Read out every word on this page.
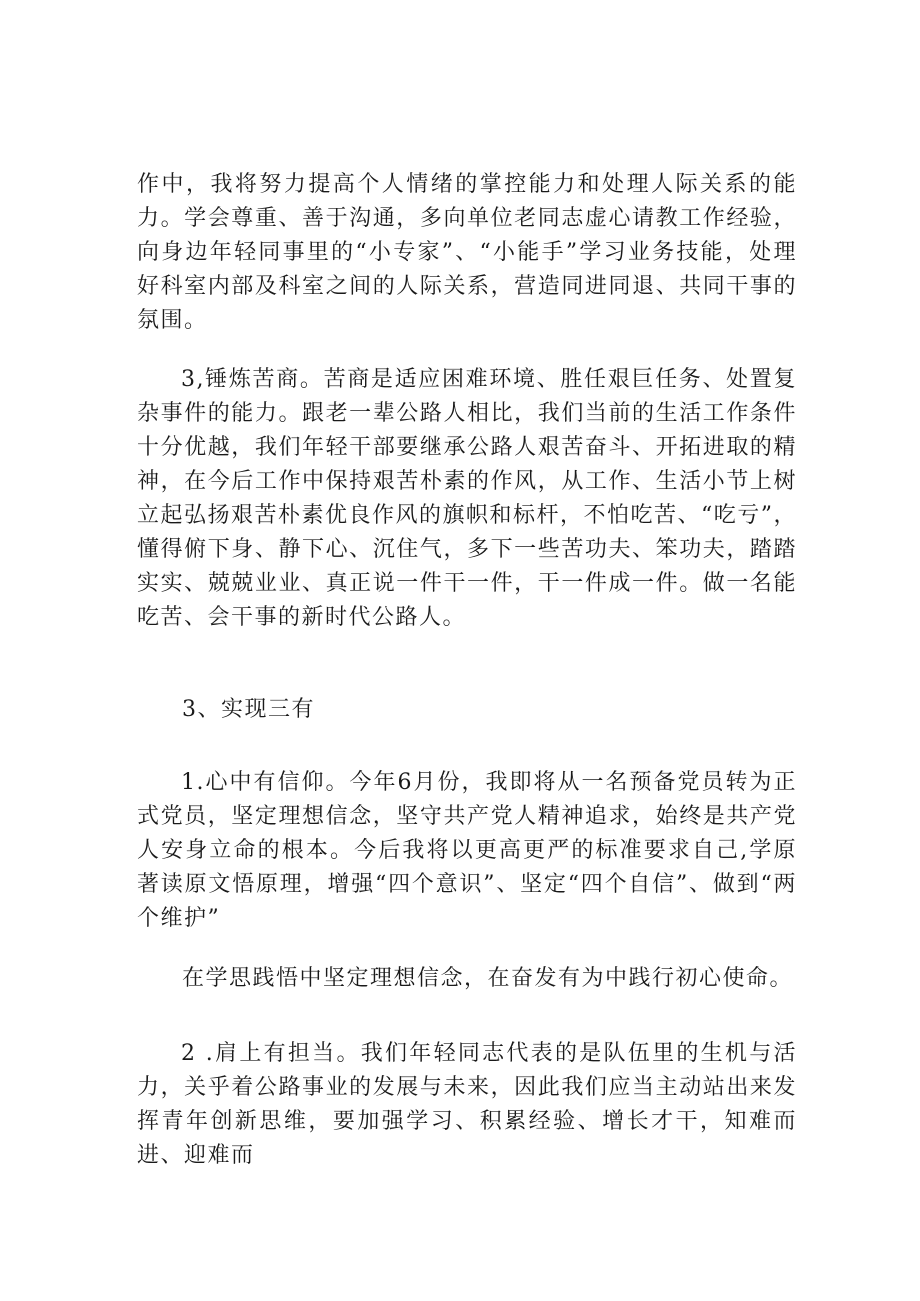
作中，我将努力提高个人情绪的掌控能力和处理人际关系的能力。学会尊重、善于沟通，多向单位老同志虚心请教工作经验，向身边年轻同事里的“小专家”、“小能手”学习业务技能，处理好科室内部及科室之间的人际关系，营造同进同退、共同干事的氛围。

3,锤炼苦商。苦商是适应困难环境、胜任艰巨任务、处置复杂事件的能力。跟老一辈公路人相比，我们当前的生活工作条件十分优越，我们年轻干部要继承公路人艰苦奋斗、开拓进取的精神，在今后工作中保持艰苦朴素的作风，从工作、生活小节上树立起弘扬艰苦朴素优良作风的旗帜和标杆，不怕吃苦、“吃亏”，懂得俯下身、静下心、沉住气，多下一些苦功夫、笨功夫，踏踏实实、兢兢业业、真正说一件干一件，干一件成一件。做一名能吃苦、会干事的新时代公路人。

3、实现三有

1.心中有信仰。今年6月份，我即将从一名预备党员转为正式党员，坚定理想信念，坚守共产党人精神追求，始终是共产党人安身立命的根本。今后我将以更高更严的标准要求自己,学原著读原文悟原理，增强“四个意识”、坚定“四个自信”、做到“两个维护”

在学思践悟中坚定理想信念，在奋发有为中践行初心使命。

2 .肩上有担当。我们年轻同志代表的是队伍里的生机与活力，关乎着公路事业的发展与未来，因此我们应当主动站出来发挥青年创新思维，要加强学习、积累经验、增长才干，知难而进、迎难而
